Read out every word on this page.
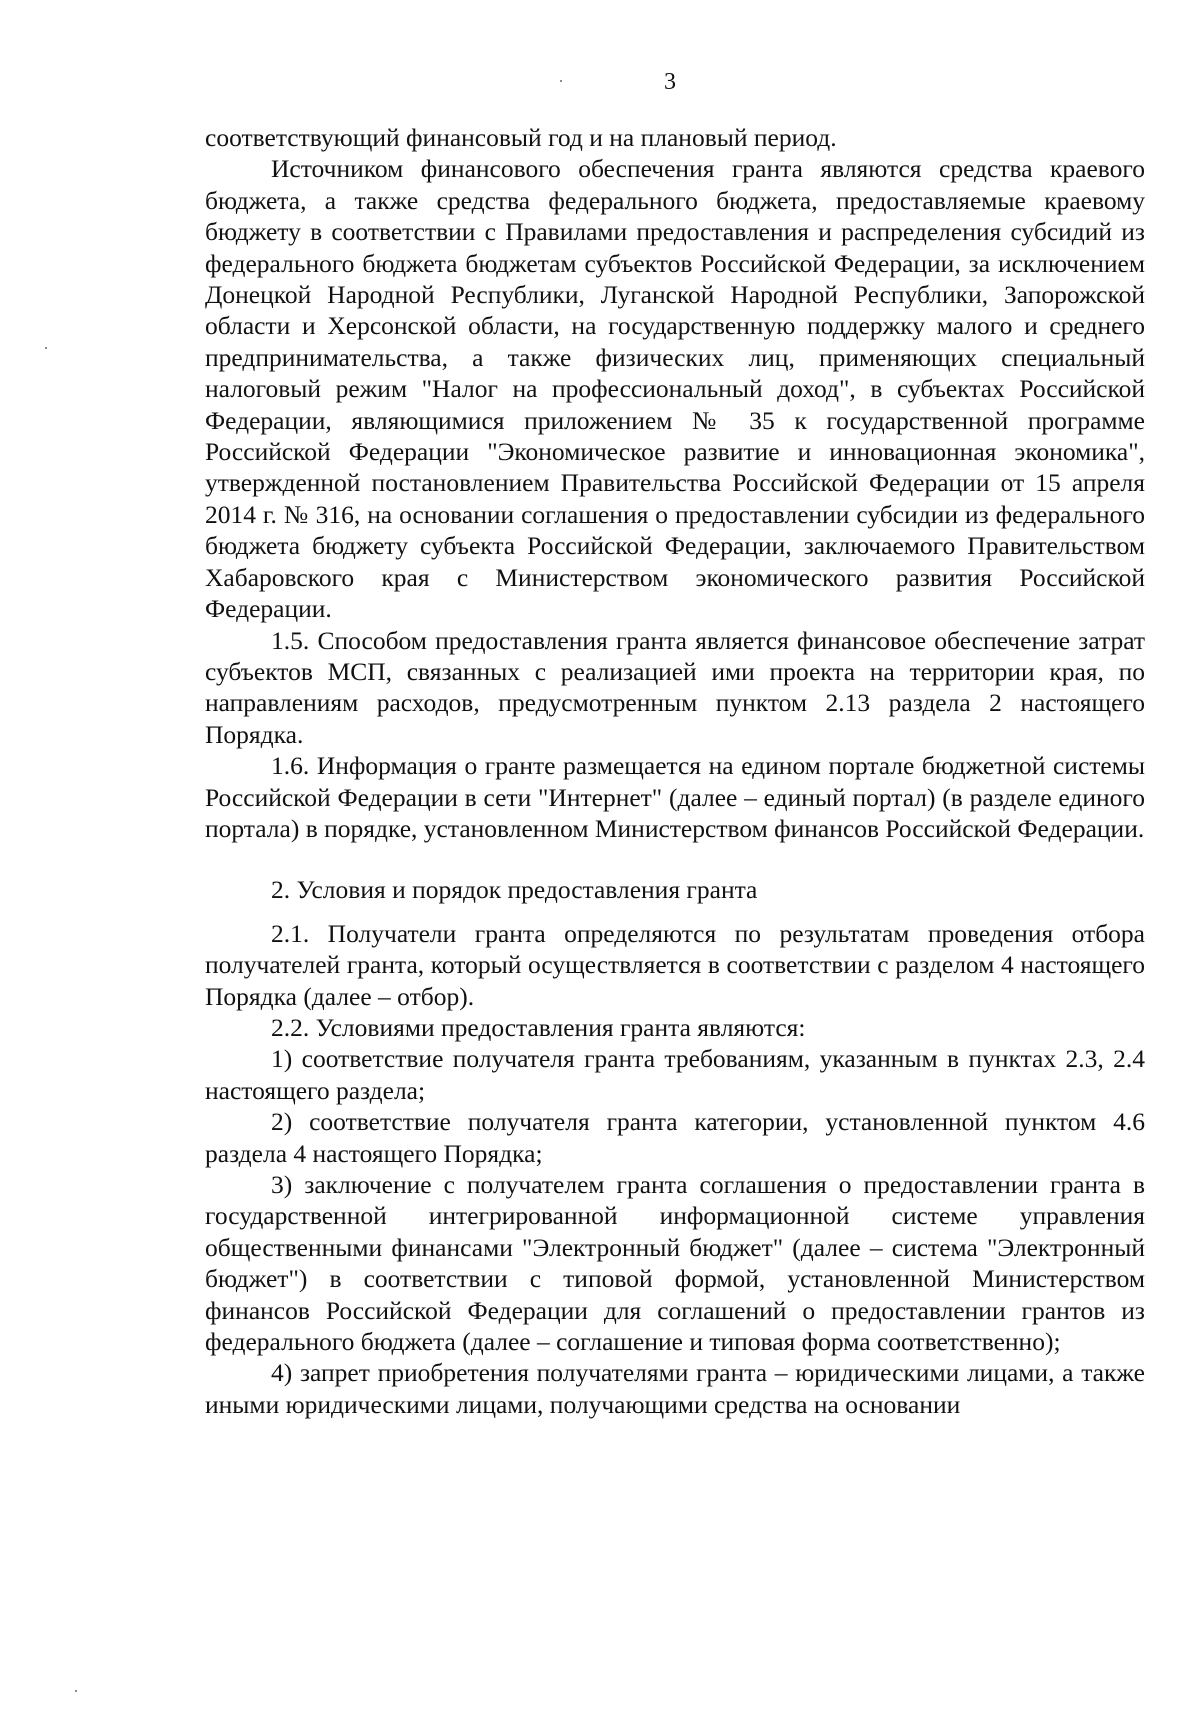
3

соответствующий финансовый год и на плановый период.

Источником финансового обеспечения гранта являются средства краевого бюджета, а также средства федерального бюджета, предоставляемые краевому бюджету в соответствии с Правилами предоставления и распределения субсидий из федерального бюджета бюджетам субъектов Российской Федерации, за исключением Донецкой Народной Республики, Луганской Народной Республики, Запорожской области и Херсонской области, на государственную поддержку малого и среднего предпринимательства, а также физических лиц, применяющих специальный налоговый режим "Налог на профессиональный доход", в субъектах Российской Федерации, являющимися приложением № 35 к государственной программе Российской Федерации "Экономическое развитие и инновационная экономика", утвержденной постановлением Правительства Российской Федерации от 15 апреля 2014 г. № 316, на основании соглашения о предоставлении субсидии из федерального бюджета бюджету субъекта Российской Федерации, заключаемого Правительством Хабаровского края с Министерством экономического развития Российской Федерации.

1.5. Способом предоставления гранта является финансовое обеспечение затрат субъектов МСП, связанных с реализацией ими проекта на территории края, по направлениям расходов, предусмотренным пунктом 2.13 раздела 2 настоящего Порядка.

1.6. Информация о гранте размещается на едином портале бюджетной системы Российской Федерации в сети "Интернет" (далее – единый портал) (в разделе единого портала) в порядке, установленном Министерством финансов Российской Федерации.

2. Условия и порядок предоставления гранта

2.1. Получатели гранта определяются по результатам проведения отбора получателей гранта, который осуществляется в соответствии с разделом 4 настоящего Порядка (далее – отбор).

2.2. Условиями предоставления гранта являются:

1) соответствие получателя гранта требованиям, указанным в пунктах 2.3, 2.4 настоящего раздела;

2) соответствие получателя гранта категории, установленной пунктом 4.6 раздела 4 настоящего Порядка;

3) заключение с получателем гранта соглашения о предоставлении гранта в государственной интегрированной информационной системе управления общественными финансами "Электронный бюджет" (далее – система "Электронный бюджет") в соответствии с типовой формой, установленной Министерством финансов Российской Федерации для соглашений о предоставлении грантов из федерального бюджета (далее – соглашение и типовая форма соответственно);

4) запрет приобретения получателями гранта – юридическими лицами, а также иными юридическими лицами, получающими средства на основании
